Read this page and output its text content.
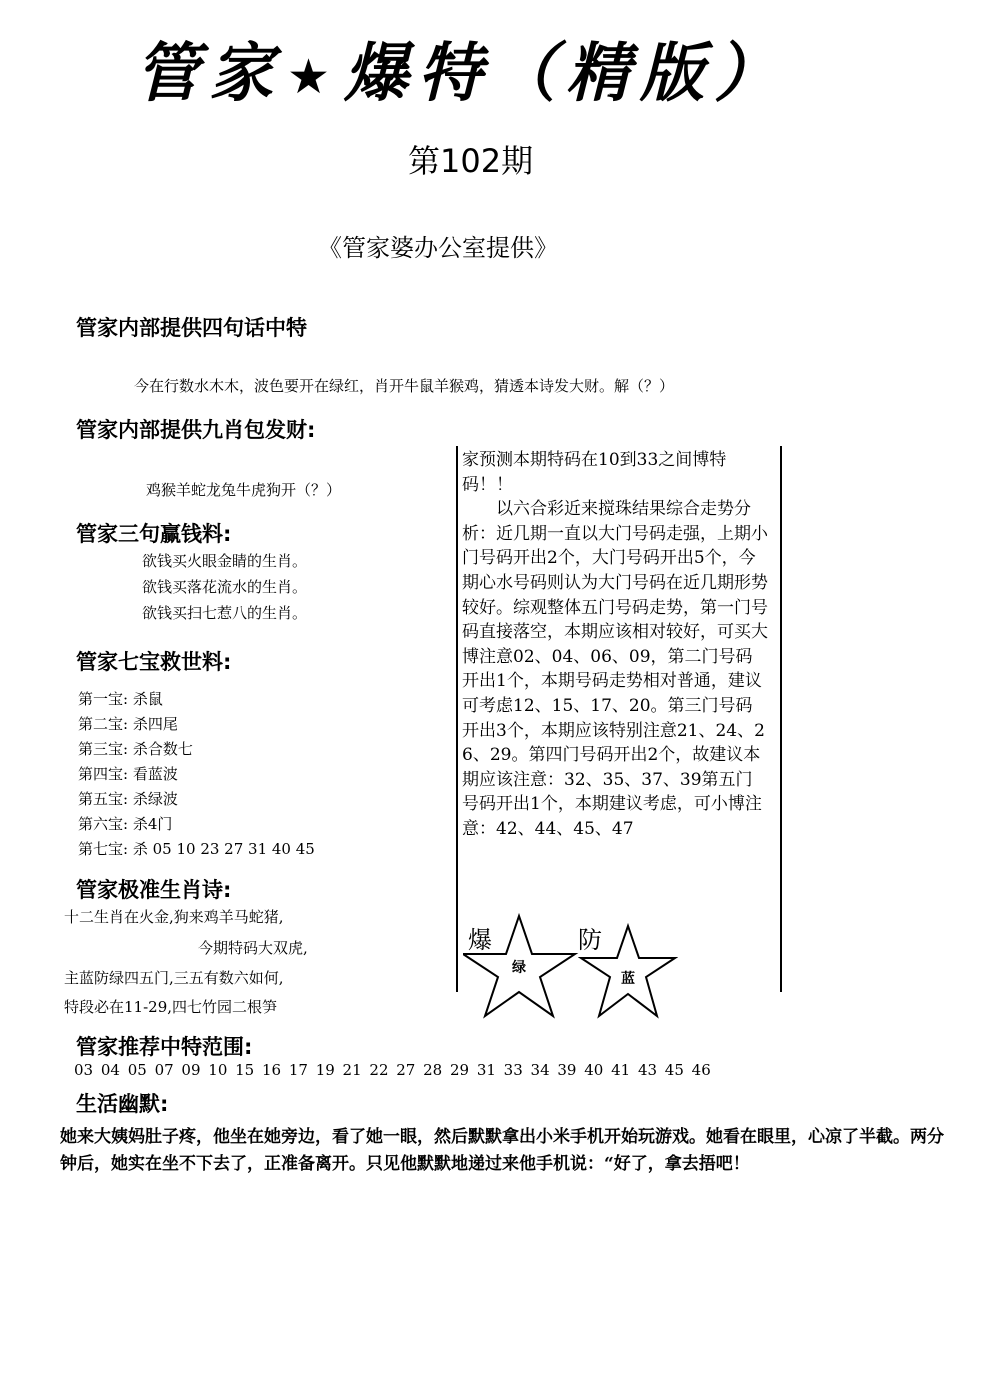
管家★爆特（精版）
第102期
《管家婆办公室提供》
管家内部提供四句话中特
今在行数水木木，波色要开在绿红，肖开牛鼠羊猴鸡，猜透本诗发大财。解（？）
管家内部提供九肖包发财:
鸡猴羊蛇龙兔牛虎狗开（？）
管家三句赢钱料:
欲钱买火眼金睛的生肖。
欲钱买落花流水的生肖。
欲钱买扫七惹八的生肖。
管家七宝救世料:
第一宝: 杀鼠
第二宝: 杀四尾
第三宝: 杀合数七
第四宝: 看蓝波
第五宝: 杀绿波
第六宝: 杀4门
第七宝: 杀 05 10 23 27 31 40 45
管家极准生肖诗:
十二生肖在火金,狗来鸡羊马蛇猪,
今期特码大双虎,
主蓝防绿四五门,三五有数六如何,
特段必在11-29,四七竹园二根笋

家预测本期特码在10到33之间博特码！！

以六合彩近来搅珠结果综合走势分析：近几期一直以大门号码走强，上期小门号码开出2个，大门号码开出5个，今期心水号码则认为大门号码在近几期形势较好。综观整体五门号码走势，第一门号码直接落空，本期应该相对较好，可买大博注意02、04、06、09，第二门号码开出1个，本期号码走势相对普通，建议可考虑12、15、17、20。第三门号码开出3个，本期应该特别注意21、24、26、29。第四门号码开出2个，故建议本期应该注意：32、35、37、39第五门号码开出1个，本期建议考虑，可小博注意：42、44、45、47

爆	防
绿
蓝
管家推荐中特范围:
03 04 05 07 09 10 15 16 17 19 21 22 27 28 29 31 33 34 39 40 41 43 45 46
生活幽默:
她来大姨妈肚子疼，他坐在她旁边，看了她一眼，然后默默拿出小米手机开始玩游戏。她看在眼里，心凉了半截。两分钟后，她实在坐不下去了，正准备离开。只见他默默地递过来他手机说：“好了，拿去捂吧！
